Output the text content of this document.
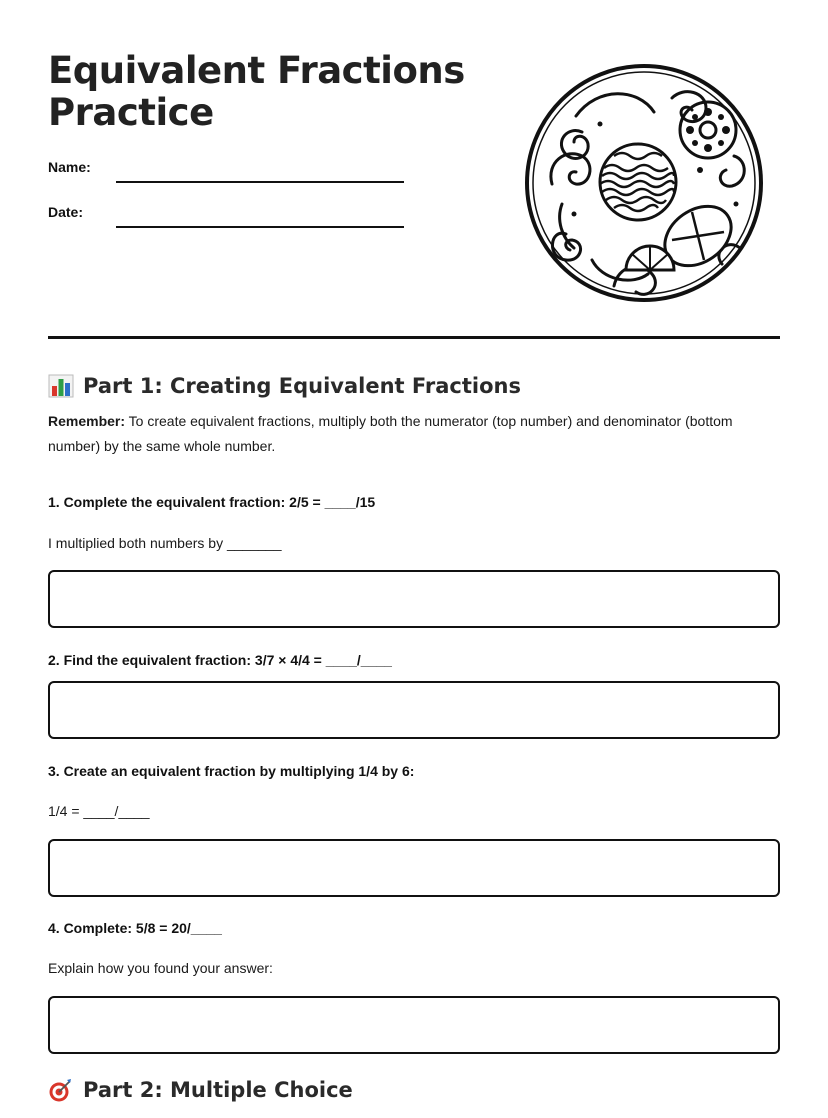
Equivalent Fractions
Practice
Name:
Date:
Part 1: Creating Equivalent Fractions

Remember: To create equivalent fractions, multiply both the numerator (top number) and denominator (bottom number) by the same whole number.

1. Complete the equivalent fraction: 2/5 = ____/15
I multiplied both numbers by _______
2. Find the equivalent fraction: 3/7 × 4/4 = ____/____
3. Create an equivalent fraction by multiplying 1/4 by 6:
1/4 = ____/____
4. Complete: 5/8 = 20/____
Explain how you found your answer:
Part 2: Multiple Choice
